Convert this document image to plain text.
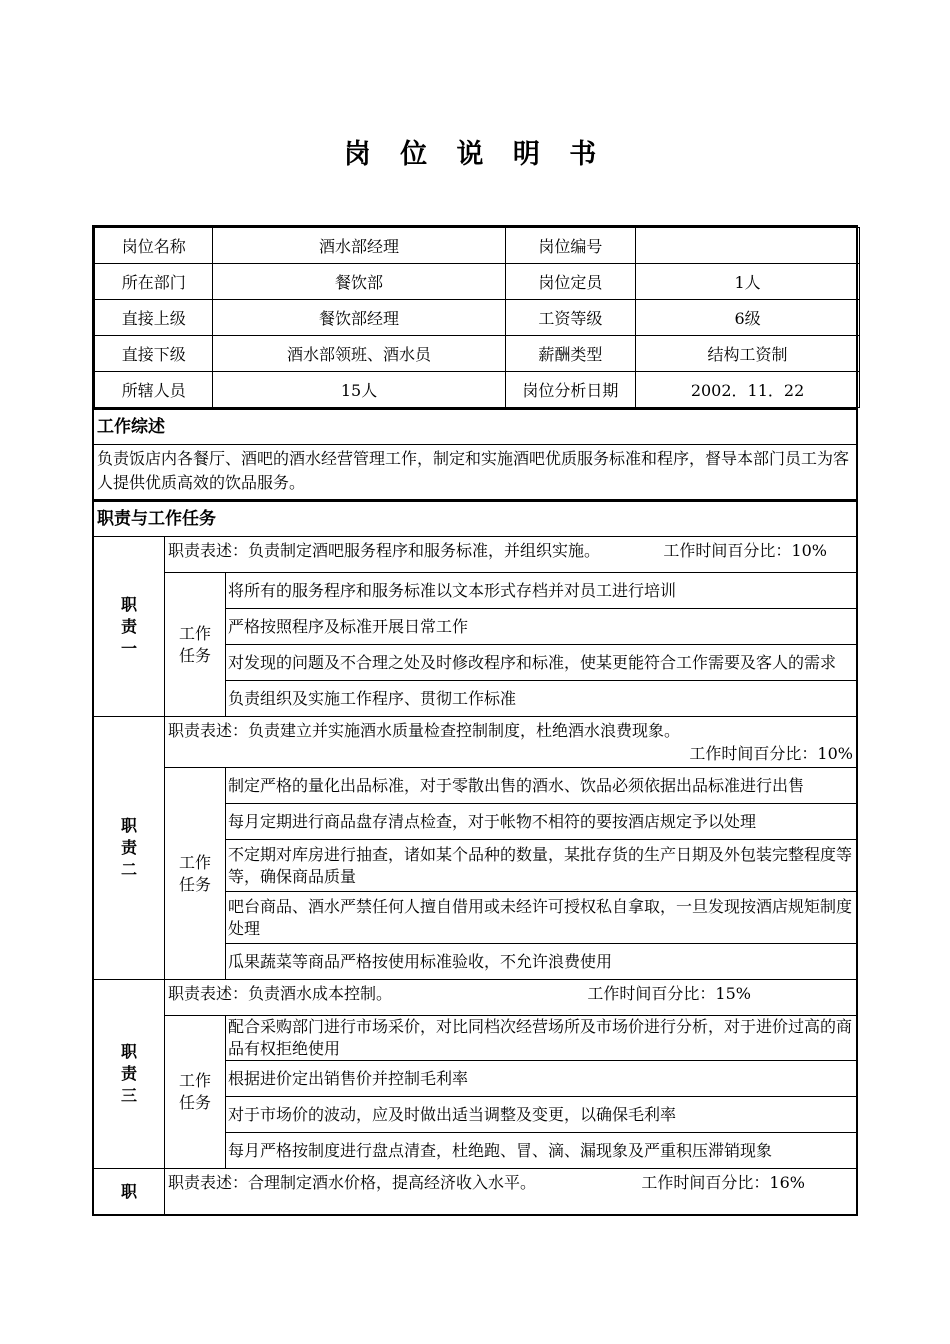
岗 位 说 明 书
岗位名称	酒水部经理	岗位编号	
所在部门	餐饮部	岗位定员	1人
直接上级	餐饮部经理	工资等级	6级
直接下级	酒水部领班、酒水员	薪酬类型	结构工资制
所辖人员	15人	岗位分析日期	2002．11．22
工作综述
负责饭店内各餐厅、酒吧的酒水经营管理工作，制定和实施酒吧优质服务标准和程序，督导本部门员工为客人提供优质高效的饮品服务。
职责与工作任务
职
责
一
职责表述：负责制定酒吧服务程序和服务标准，并组织实施。	工作时间百分比：10%
工作
任务
将所有的服务程序和服务标准以文本形式存档并对员工进行培训
严格按照程序及标准开展日常工作
对发现的问题及不合理之处及时修改程序和标准，使某更能符合工作需要及客人的需求
负责组织及实施工作程序、贯彻工作标准
职
责
二
职责表述：负责建立并实施酒水质量检查控制制度，杜绝酒水浪费现象。
工作时间百分比：10%
工作
任务
制定严格的量化出品标准，对于零散出售的酒水、饮品必须依据出品标准进行出售
每月定期进行商品盘存清点检查，对于帐物不相符的要按酒店规定予以处理
不定期对库房进行抽查，诸如某个品种的数量，某批存货的生产日期及外包装完整程度等等，确保商品质量
吧台商品、酒水严禁任何人擅自借用或未经许可授权私自拿取，一旦发现按酒店规矩制度处理
瓜果蔬菜等商品严格按使用标准验收，不允许浪费使用
职
责
三
职责表述：负责酒水成本控制。	工作时间百分比：15%
工作
任务
配合采购部门进行市场采价，对比同档次经营场所及市场价进行分析，对于进价过高的商品有权拒绝使用
根据进价定出销售价并控制毛利率
对于市场价的波动，应及时做出适当调整及变更，以确保毛利率
每月严格按制度进行盘点清查，杜绝跑、冒、滴、漏现象及严重积压滞销现象
职 职责表述：合理制定酒水价格，提高经济收入水平。	工作时间百分比：16%
